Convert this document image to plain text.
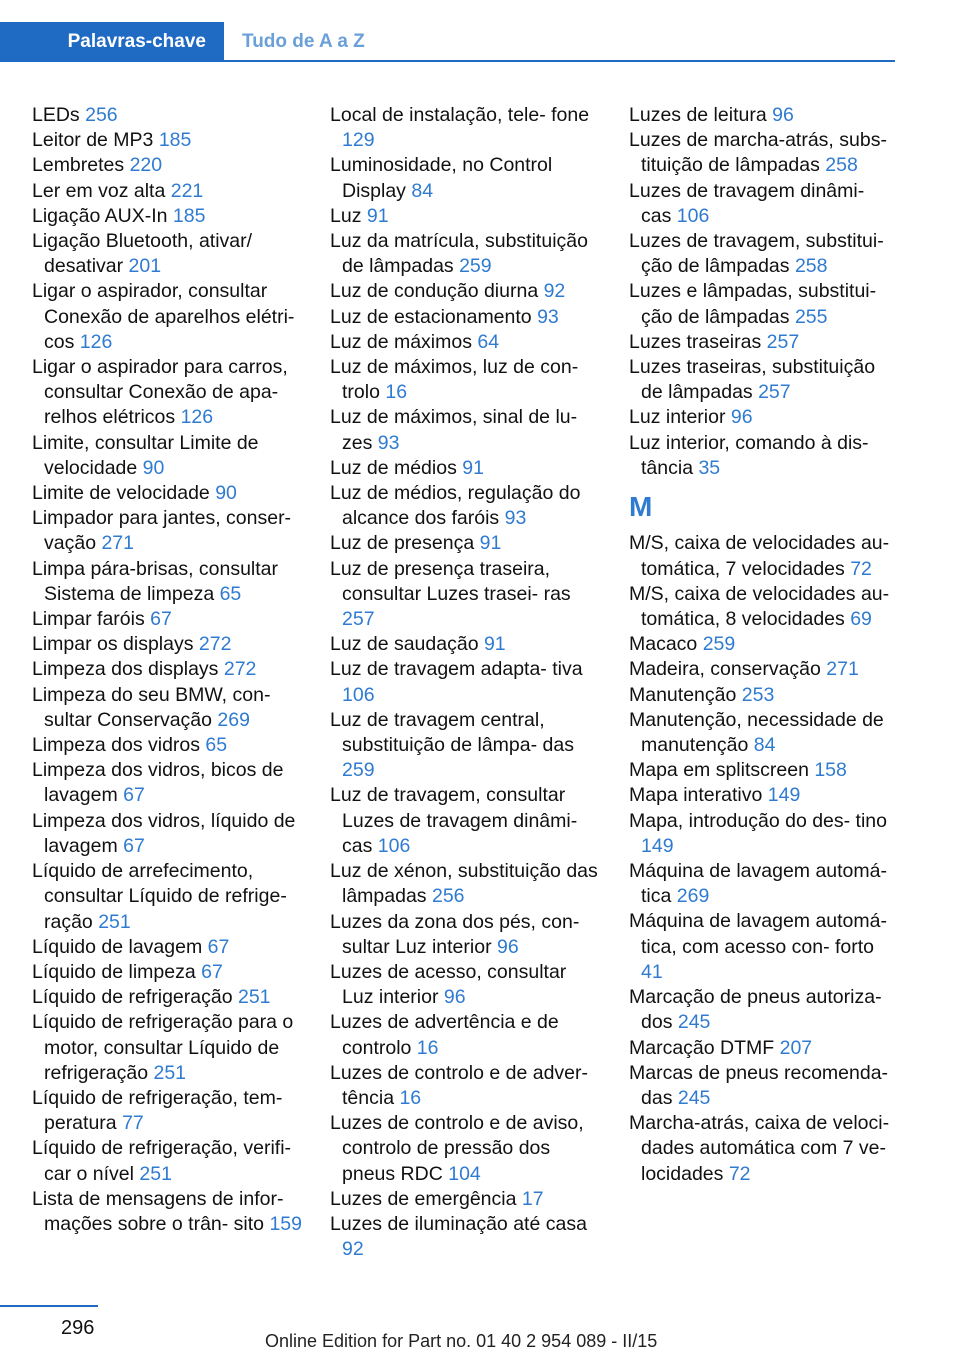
Palavras-chave	Tudo de A a Z
LEDs 256
Leitor de MP3 185
Lembretes 220
Ler em voz alta 221
Ligação AUX-In 185
Ligação Bluetooth, ativar/ desativar 201
Ligar o aspirador, consultar Conexão de aparelhos elétri- cos 126
Ligar o aspirador para carros, consultar Conexão de apa- relhos elétricos 126
Limite, consultar Limite de velocidade 90
Limite de velocidade 90
Limpador para jantes, conser- vação 271
Limpa pára-brisas, consultar Sistema de limpeza 65
Limpar faróis 67
Limpar os displays 272
Limpeza dos displays 272
Limpeza do seu BMW, con- sultar Conservação 269
Limpeza dos vidros 65
Limpeza dos vidros, bicos de lavagem 67
Limpeza dos vidros, líquido de lavagem 67
Líquido de arrefecimento, consultar Líquido de refrige- ração 251
Líquido de lavagem 67
Líquido de limpeza 67
Líquido de refrigeração 251
Líquido de refrigeração para o motor, consultar Líquido de refrigeração 251
Líquido de refrigeração, tem- peratura 77
Líquido de refrigeração, verifi- car o nível 251
Lista de mensagens de infor- mações sobre o trân- sito 159
Local de instalação, tele- fone 129
Luminosidade, no Control Display 84
Luz 91
Luz da matrícula, substituição de lâmpadas 259
Luz de condução diurna 92
Luz de estacionamento 93
Luz de máximos 64
Luz de máximos, luz de con- trolo 16
Luz de máximos, sinal de lu- zes 93
Luz de médios 91
Luz de médios, regulação do alcance dos faróis 93
Luz de presença 91
Luz de presença traseira, consultar Luzes trasei- ras 257
Luz de saudação 91
Luz de travagem adapta- tiva 106
Luz de travagem central, substituição de lâmpa- das 259
Luz de travagem, consultar Luzes de travagem dinâmi- cas 106
Luz de xénon, substituição das lâmpadas 256
Luzes da zona dos pés, con- sultar Luz interior 96
Luzes de acesso, consultar Luz interior 96
Luzes de advertência e de controlo 16
Luzes de controlo e de adver- tência 16
Luzes de controlo e de aviso, controlo de pressão dos pneus RDC 104
Luzes de emergência 17
Luzes de iluminação até casa 92
Luzes de leitura 96
Luzes de marcha-atrás, subs- tituição de lâmpadas 258
Luzes de travagem dinâmi- cas 106
Luzes de travagem, substitui- ção de lâmpadas 258
Luzes e lâmpadas, substitui- ção de lâmpadas 255
Luzes traseiras 257
Luzes traseiras, substituição de lâmpadas 257
Luz interior 96
Luz interior, comando à dis- tância 35
M
M/S, caixa de velocidades au- tomática, 7 velocidades 72
M/S, caixa de velocidades au- tomática, 8 velocidades 69
Macaco 259
Madeira, conservação 271
Manutenção 253
Manutenção, necessidade de manutenção 84
Mapa em splitscreen 158
Mapa interativo 149
Mapa, introdução do des- tino 149
Máquina de lavagem automá- tica 269
Máquina de lavagem automá- tica, com acesso con- forto 41
Marcação de pneus autoriza- dos 245
Marcação DTMF 207
Marcas de pneus recomenda- das 245
Marcha-atrás, caixa de veloci- dades automática com 7 ve- locidades 72
296
Online Edition for Part no. 01 40 2 954 089 - II/15
